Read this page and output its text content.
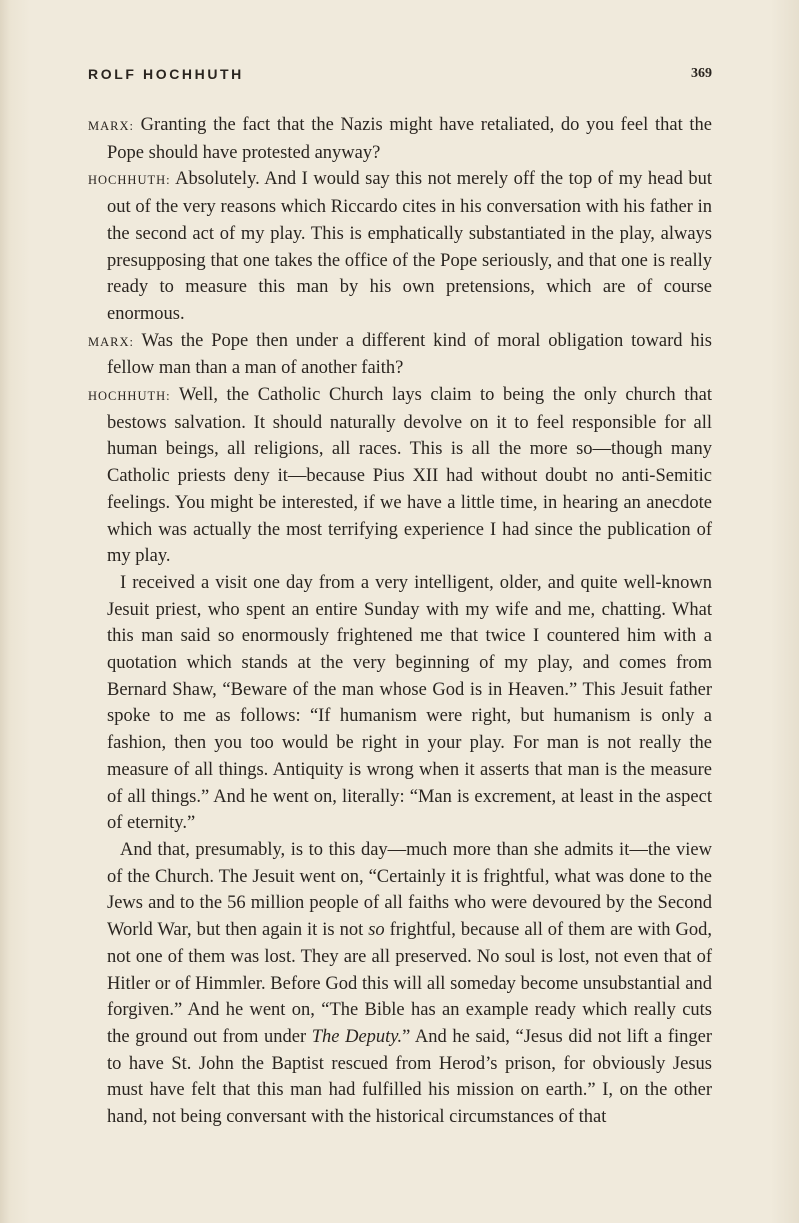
ROLF HOCHHUTH	369

MARX: Granting the fact that the Nazis might have retaliated, do you feel that the Pope should have protested anyway?

HOCHHUTH: Absolutely. And I would say this not merely off the top of my head but out of the very reasons which Riccardo cites in his conversation with his father in the second act of my play. This is emphatically substantiated in the play, always presupposing that one takes the office of the Pope seriously, and that one is really ready to measure this man by his own pretensions, which are of course enormous.

MARX: Was the Pope then under a different kind of moral obligation toward his fellow man than a man of another faith?

HOCHHUTH: Well, the Catholic Church lays claim to being the only church that bestows salvation. It should naturally devolve on it to feel responsible for all human beings, all religions, all races. This is all the more so—though many Catholic priests deny it—because Pius XII had without doubt no anti-Semitic feelings. You might be interested, if we have a little time, in hearing an anecdote which was actually the most terrifying experience I had since the publication of my play.

I received a visit one day from a very intelligent, older, and quite well-known Jesuit priest, who spent an entire Sunday with my wife and me, chatting. What this man said so enormously frightened me that twice I countered him with a quotation which stands at the very beginning of my play, and comes from Bernard Shaw, “Beware of the man whose God is in Heaven.” This Jesuit father spoke to me as follows: “If humanism were right, but humanism is only a fashion, then you too would be right in your play. For man is not really the measure of all things. Antiquity is wrong when it asserts that man is the measure of all things.” And he went on, literally: “Man is excrement, at least in the aspect of eternity.”

And that, presumably, is to this day—much more than she admits it—the view of the Church. The Jesuit went on, “Certainly it is frightful, what was done to the Jews and to the 56 million people of all faiths who were devoured by the Second World War, but then again it is not so frightful, because all of them are with God, not one of them was lost. They are all preserved. No soul is lost, not even that of Hitler or of Himmler. Before God this will all someday become unsubstantial and forgiven.” And he went on, “The Bible has an example ready which really cuts the ground out from under The Deputy.” And he said, “Jesus did not lift a finger to have St. John the Baptist rescued from Herod’s prison, for obviously Jesus must have felt that this man had fulfilled his mission on earth.” I, on the other hand, not being conversant with the historical circumstances of that
